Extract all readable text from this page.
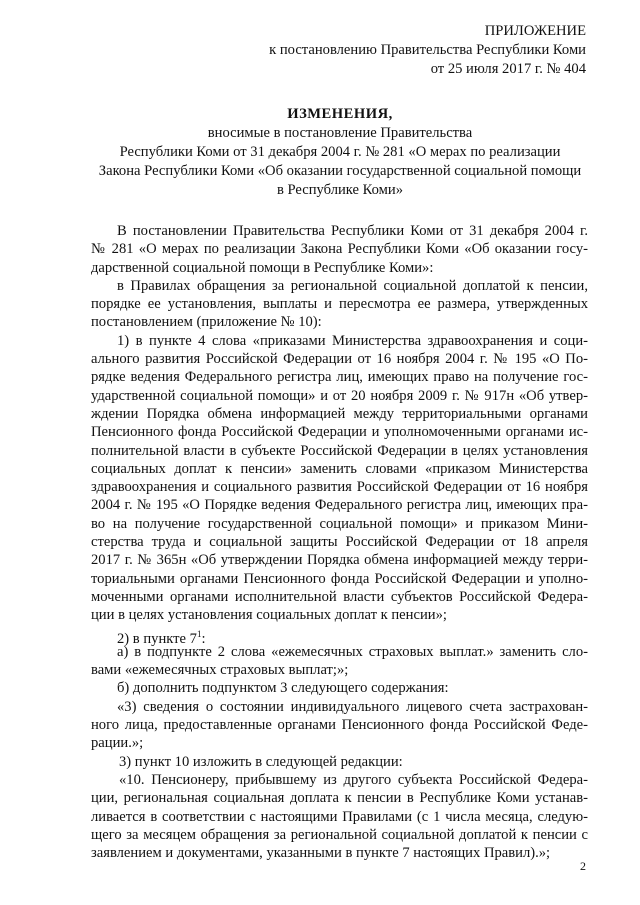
ПРИЛОЖЕНИЕ
к постановлению Правительства Республики Коми
от 25 июля 2017 г. № 404
ИЗМЕНЕНИЯ,
вносимые в постановление Правительства
Республики Коми от 31 декабря 2004 г. № 281 «О мерах по реализации
Закона Республики Коми «Об оказании государственной социальной помощи
в Республике Коми»
В постановлении Правительства Республики Коми от 31 декабря 2004 г.
№ 281 «О мерах по реализации Закона Республики Коми «Об оказании госу-
дарственной социальной помощи в Республике Коми»:
в Правилах обращения за региональной социальной доплатой к пенсии,
порядке ее установления, выплаты и пересмотра ее размера, утвержденных
постановлением (приложение № 10):
1) в пункте 4 слова «приказами Министерства здравоохранения и соци-
ального развития Российской Федерации от 16 ноября 2004 г. № 195 «О По-
рядке ведения Федерального регистра лиц, имеющих право на получение гос-
ударственной социальной помощи» и от 20 ноября 2009 г. № 917н «Об утвер-
ждении Порядка обмена информацией между территориальными органами
Пенсионного фонда Российской Федерации и уполномоченными органами ис-
полнительной власти в субъекте Российской Федерации в целях установления
социальных доплат к пенсии» заменить словами «приказом Министерства
здравоохранения и социального развития Российской Федерации от 16 ноября
2004 г. № 195 «О Порядке ведения Федерального регистра лиц, имеющих пра-
во на получение государственной социальной помощи» и приказом Мини-
стерства труда и социальной защиты Российской Федерации от 18 апреля
2017 г. № 365н «Об утверждении Порядка обмена информацией между терри-
ториальными органами Пенсионного фонда Российской Федерации и уполно-
моченными органами исполнительной власти субъектов Российской Федера-
ции в целях установления социальных доплат к пенсии»;
2) в пункте $7^1$:
а) в подпункте 2 слова «ежемесячных страховых выплат.» заменить сло-
вами «ежемесячных страховых выплат;»;
б) дополнить подпунктом 3 следующего содержания:
«3) сведения о состоянии индивидуального лицевого счета застрахован-
ного лица, предоставленные органами Пенсионного фонда Российской Феде-
рации.»;
3) пункт 10 изложить в следующей редакции:
«10. Пенсионеру, прибывшему из другого субъекта Российской Федера-
ции, региональная социальная доплата к пенсии в Республике Коми устанав-
ливается в соответствии с настоящими Правилами (с 1 числа месяца, следую-
щего за месяцем обращения за региональной социальной доплатой к пенсии с
заявлением и документами, указанными в пункте 7 настоящих Правил).»;
2
